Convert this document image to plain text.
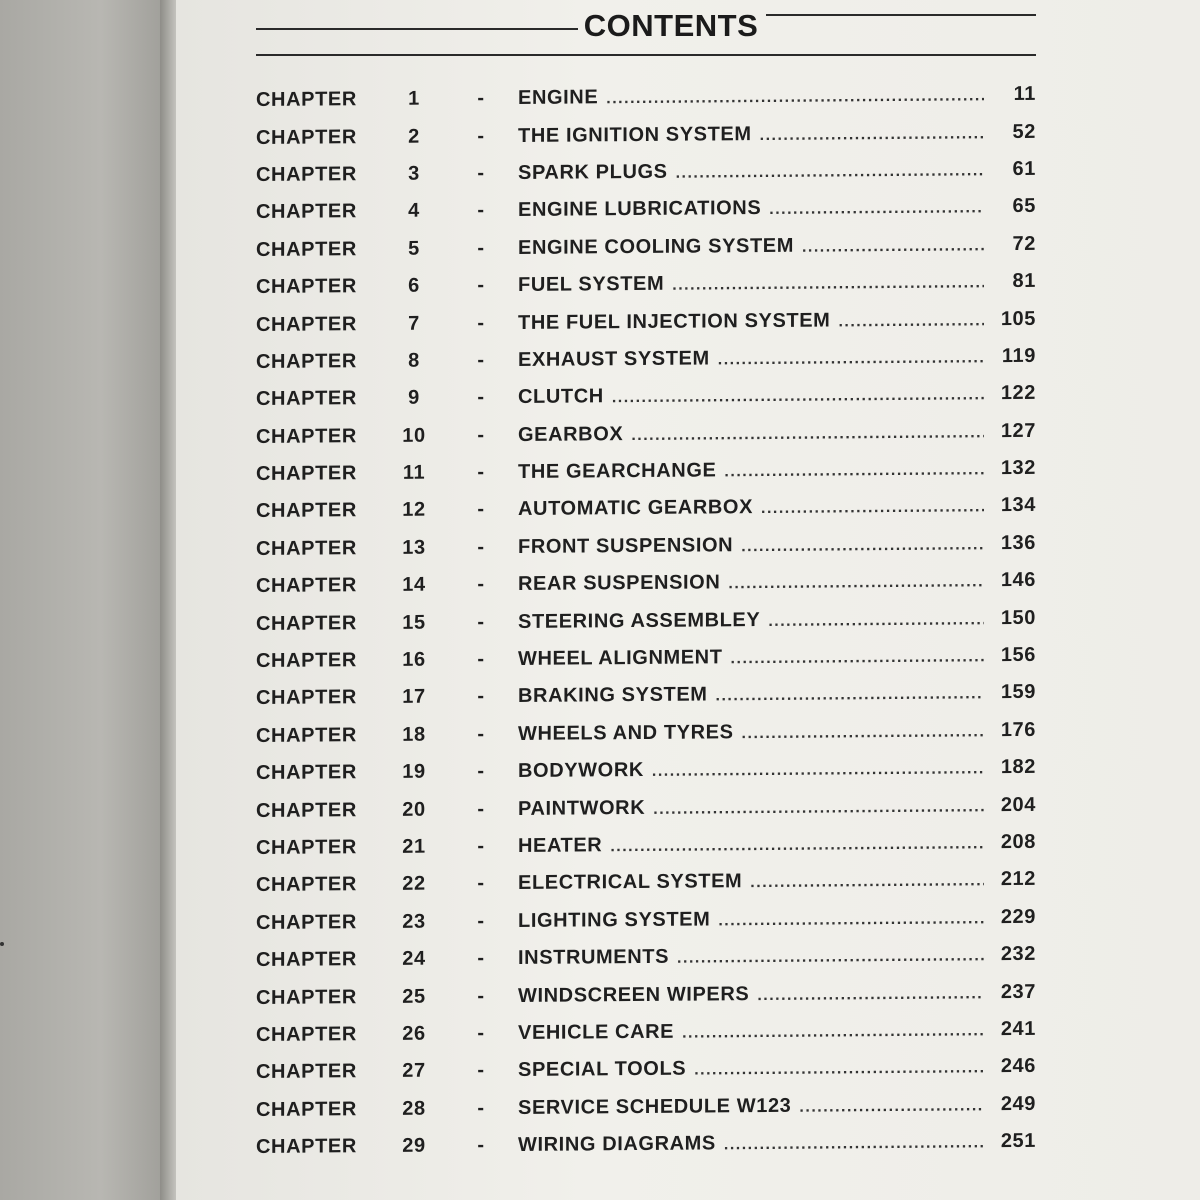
CONTENTS
CHAPTER	1	-	ENGINE .....	11
CHAPTER	2	-	THE IGNITION SYSTEM .....	52
CHAPTER	3	-	SPARK PLUGS .....	61
CHAPTER	4	-	ENGINE LUBRICATIONS .....	65
CHAPTER	5	-	ENGINE COOLING SYSTEM .....	72
CHAPTER	6	-	FUEL SYSTEM .....	81
CHAPTER	7	-	THE FUEL INJECTION SYSTEM .....	105
CHAPTER	8	-	EXHAUST SYSTEM .....	119
CHAPTER	9	-	CLUTCH .....	122
CHAPTER	10	-	GEARBOX .....	127
CHAPTER	11	-	THE GEARCHANGE .....	132
CHAPTER	12	-	AUTOMATIC GEARBOX .....	134
CHAPTER	13	-	FRONT SUSPENSION .....	136
CHAPTER	14	-	REAR SUSPENSION .....	146
CHAPTER	15	-	STEERING ASSEMBLEY .....	150
CHAPTER	16	-	WHEEL ALIGNMENT .....	156
CHAPTER	17	-	BRAKING SYSTEM .....	159
CHAPTER	18	-	WHEELS AND TYRES .....	176
CHAPTER	19	-	BODYWORK .....	182
CHAPTER	20	-	PAINTWORK .....	204
CHAPTER	21	-	HEATER .....	208
CHAPTER	22	-	ELECTRICAL SYSTEM .....	212
CHAPTER	23	-	LIGHTING SYSTEM .....	229
CHAPTER	24	-	INSTRUMENTS .....	232
CHAPTER	25	-	WINDSCREEN WIPERS .....	237
CHAPTER	26	-	VEHICLE CARE .....	241
CHAPTER	27	-	SPECIAL TOOLS .....	246
CHAPTER	28	-	SERVICE SCHEDULE W123 .....	249
CHAPTER	29	-	WIRING DIAGRAMS .....	251
